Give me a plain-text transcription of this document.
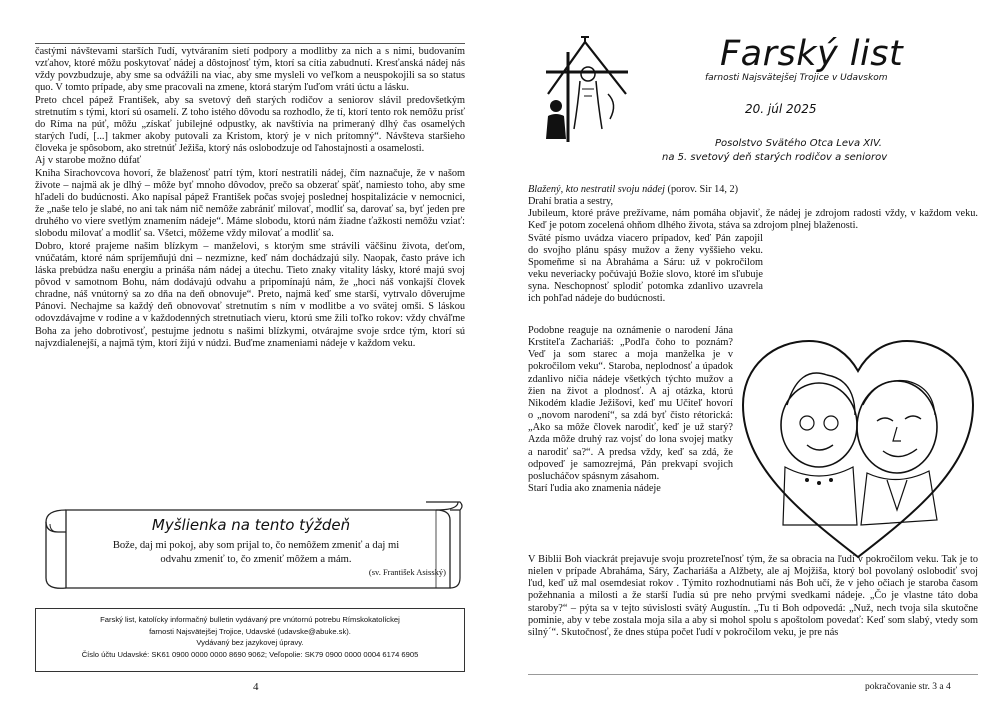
častými návštevami starších ľudí, vytváraním sietí podpory a modlitby za nich a s nimi, budovaním vzťahov, ktoré môžu poskytovať nádej a dôstojnosť tým, ktorí sa cítia zabudnutí. Kresťanská nádej nás vždy povzbudzuje, aby sme sa odvážili na viac, aby sme mysleli vo veľkom a neuspokojili sa so status quo. V tomto prípade, aby sme pracovali na zmene, ktorá starým ľuďom vráti úctu a lásku.

Preto chcel pápež František, aby sa svetový deň starých rodičov a seniorov slávil predovšetkým stretnutím s tými, ktorí sú osamelí. Z toho istého dôvodu sa rozhodlo, že tí, ktorí tento rok nemôžu prísť do Ríma na púť, môžu „získať jubilejné odpustky, ak navštívia na primeraný dlhý čas osamelých starých ľudí, [...] takmer akoby putovali za Kristom, ktorý je v nich prítomný“. Návšteva staršieho človeka je spôsobom, ako stretnúť Ježiša, ktorý nás oslobodzuje od ľahostajnosti a osamelosti.

Aj v starobe možno dúfať

Kniha Sirachovcova hovorí, že blaženosť patrí tým, ktorí nestratili nádej, čím naznačuje, že v našom živote – najmä ak je dlhý – môže byť mnoho dôvodov, prečo sa obzerať späť, namiesto toho, aby sme hľadeli do budúcnosti. Ako napísal pápež František počas svojej poslednej hospitalizácie v nemocnici, že „naše telo je slabé, no ani tak nám nič nemôže zabrániť milovať, modliť sa, darovať sa, byť jeden pre druhého vo viere svetlým znamením nádeje“. Máme slobodu, ktorú nám žiadne ťažkosti nemôžu vziať: slobodu milovať a modliť sa. Všetci, môžeme vždy milovať a modliť sa.

Dobro, ktoré prajeme našim blízkym – manželovi, s ktorým sme strávili väčšinu života, deťom, vnúčatám, ktoré nám spríjemňujú dni – nezmizne, keď nám dochádzajú sily. Naopak, často práve ich láska prebúdza našu energiu a prináša nám nádej a útechu. Tieto znaky vitality lásky, ktoré majú svoj pôvod v samotnom Bohu, nám dodávajú odvahu a pripomínajú nám, že „hoci náš vonkajší človek chradne, náš vnútorný sa zo dňa na deň obnovuje“. Preto, najmä keď sme starší, vytrvalo dôverujme Pánovi. Nechajme sa každý deň obnovovať stretnutím s ním v modlitbe a vo svätej omši. S láskou odovzdávajme v rodine a v každodenných stretnutiach vieru, ktorú sme žili toľko rokov: vždy chváľme Boha za jeho dobrotivosť, pestujme jednotu s našimi blízkymi, otvárajme svoje srdce tým, ktorí sú najvzdialenejší, a najmä tým, ktorí žijú v núdzi. Buďme znameniami nádeje v každom veku.

Myšlienka na tento týždeň
Bože, daj mi pokoj, aby som prijal to, čo nemôžem zmeniť a daj mi odvahu zmeniť to, čo zmeniť môžem a mám.
(sv. František Asisský)
Farský list, katolícky informačný bulletin vydávaný pre vnútornú potrebu Rímskokatolíckej
farnosti Najsvätejšej Trojice, Udavské (udavske@abuke.sk).
Vydávaný bez jazykovej úpravy.
Číslo účtu Udavské: SK61 0900 0000 0000 8690 9062; Veľopolie: SK79 0900 0000 0004 6174 6905
4
Farský list
farnosti Najsvätejšej Trojice v Udavskom
20. júl 2025
Posolstvo Svätého Otca Leva XIV.
na 5. svetový deň starých rodičov a seniorov

Blažený, kto nestratil svoju nádej (porov. Sir 14, 2)

Drahí bratia a sestry,

Jubileum, ktoré práve prežívame, nám pomáha objaviť, že nádej je zdrojom radosti vždy, v každom veku. Keď je potom zocelená ohňom dlhého života, stáva sa zdrojom plnej blaženosti.

Sväté písmo uvádza viacero prípadov, keď Pán zapojil do svojho plánu spásy mužov a ženy vyššieho veku. Spomeňme si na Abraháma a Sáru: už v pokročilom veku neveriacky počúvajú Božie slovo, ktoré im sľubuje syna. Neschopnosť splodiť potomka zdanlivo uzavrela ich pohľad nádeje do budúcnosti.

Podobne reaguje na oznámenie o narodení Jána Krstiteľa Zachariáš: „Podľa čoho to poznám? Veď ja som starec a moja manželka je v pokročilom veku“. Staroba, neplodnosť a úpadok zdanlivo ničia nádeje všetkých týchto mužov a žien na život a plodnosť. A aj otázka, ktorú Nikodém kladie Ježišovi, keď mu Učiteľ hovorí o „novom narodení“, sa zdá byť čisto rétorická: „Ako sa môže človek narodiť, keď je už starý? Azda môže druhý raz vojsť do lona svojej matky a narodiť sa?“. A predsa vždy, keď sa zdá, že odpoveď je samozrejmá, Pán prekvapí svojich poslucháčov spásnym zásahom.

Starí ľudia ako znamenia nádeje

V Biblii Boh viackrát prejavuje svoju prozreteľnosť tým, že sa obracia na ľudí v pokročilom veku. Tak je to nielen v prípade Abraháma, Sáry, Zachariáša a Alžbety, ale aj Mojžiša, ktorý bol povolaný oslobodiť svoj ľud, keď už mal osemdesiat rokov . Týmito rozhodnutiami nás Boh učí, že v jeho očiach je staroba časom požehnania a milosti a že starší ľudia sú pre neho prvými svedkami nádeje. „Čo je vlastne táto doba staroby?“ – pýta sa v tejto súvislosti svätý Augustín. „Tu ti Boh odpovedá: „Nuž, nech tvoja sila skutočne pominie, aby v tebe zostala moja sila a aby si mohol spolu s apoštolom povedať: Keď som slabý, vtedy som silný´“. Skutočnosť, že dnes stúpa počet ľudí v pokročilom veku, je pre nás

pokračovanie str. 3 a 4
